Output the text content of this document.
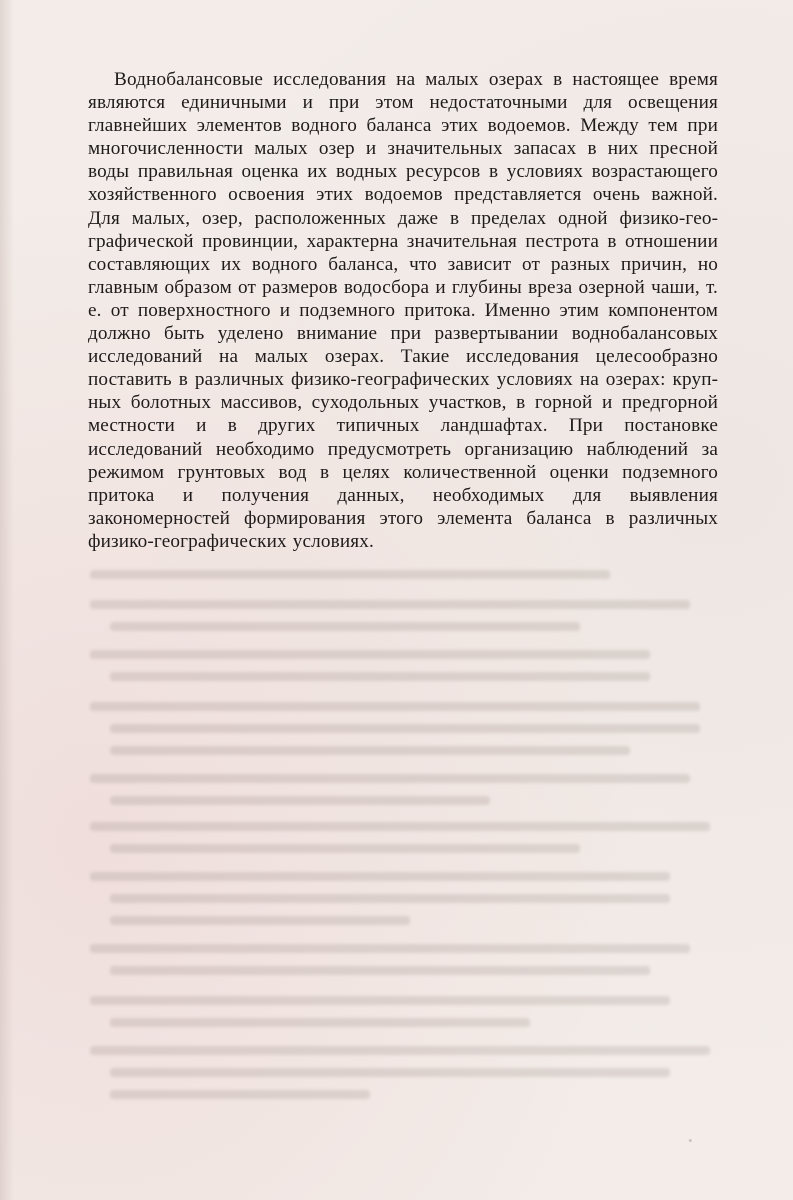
Воднобалансовые исследования на малых озерах в настоящее время являются единичными и при этом недостаточными для освещения главнейших элементов водного баланса этих водоемов. Между тем при многочисленности малых озер и значительных запасах в них пресной воды правильная оценка их водных ресурсов в условиях возрастающего хозяйственного освоения этих водоемов представляется очень важной. Для малых, озер, расположенных даже в пределах одной физико-географической провинции, характерна значительная пестрота в отношении составляющих их водного баланса, что зависит от разных причин, но главным образом от размеров водосбора и глубины вреза озерной чаши, т. е. от поверхностного и подземного притока. Именно этим компонентом должно быть уделено внимание при развертывании воднобалансовых исследований на малых озерах. Такие исследования целесообразно поставить в различных физико-географических условиях на озерах: крупных болотных массивов, суходольных участков, в горной и предгорной местности и в других типичных ландшафтах. При постановке исследований необходимо предусмотреть организацию наблюдений за режимом грунтовых вод в целях количественной оценки подземного притока и получения данных, необходимых для выявления закономерностей формирования этого элемента баланса в различных физико-географических условиях.

•
